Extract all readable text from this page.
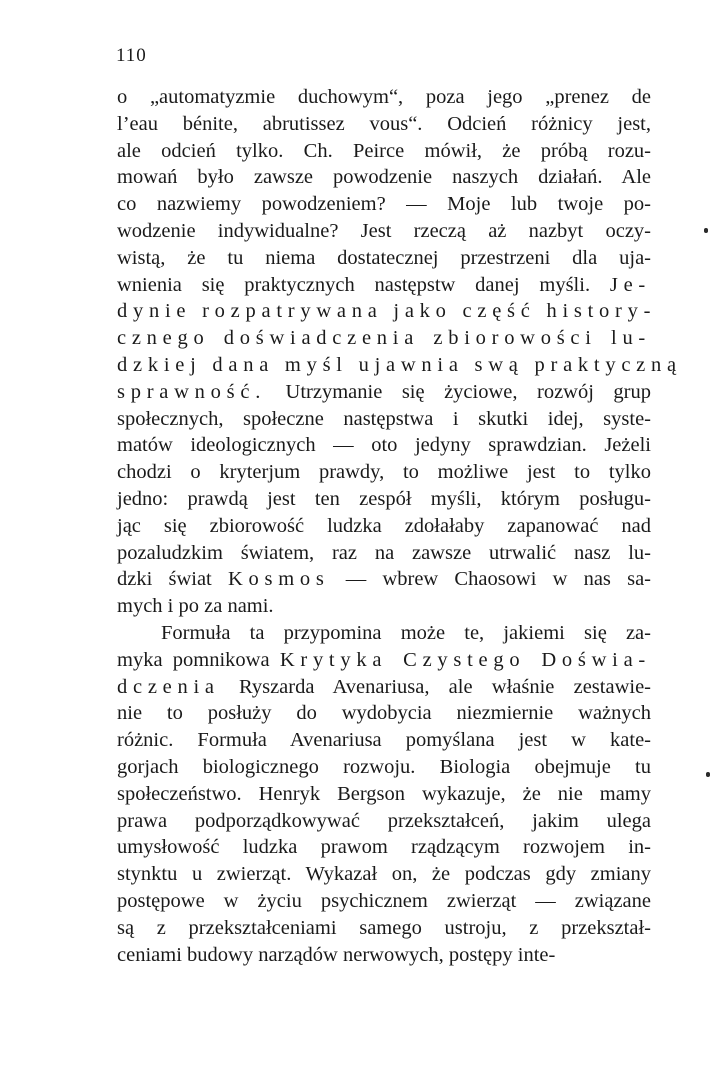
110
o „automatyzmie duchowym“, poza jego „prenez de
l’eau bénite, abrutissez vous“. Odcień różnicy jest,
ale odcień tylko. Ch. Peirce mówił, że próbą rozu-
mowań było zawsze powodzenie naszych działań. Ale
co nazwiemy powodzeniem? — Moje lub twoje po-
wodzenie indywidualne? Jest rzeczą aż nazbyt oczy-
wistą, że tu niema dostatecznej przestrzeni dla uja-
wnienia się praktycznych następstw danej myśli. Je-
dynie rozpatrywana jako część history-
cznego doświadczenia zbiorowości lu-
dzkiej dana myśl ujawnia swą praktyczną
sprawność. Utrzymanie się życiowe, rozwój grup
społecznych, społeczne następstwa i skutki idej, syste-
matów ideologicznych — oto jedyny sprawdzian. Jeżeli
chodzi o kryterjum prawdy, to możliwe jest to tylko
jedno: prawdą jest ten zespół myśli, którym posługu-
jąc się zbiorowość ludzka zdołałaby zapanować nad
pozaludzkim światem, raz na zawsze utrwalić nasz lu-
dzki świat Kosmos — wbrew Chaosowi w nas sa-
mych i po za nami.
Formuła ta przypomina może te, jakiemi się za-
myka pomnikowa Krytyka Czystego Doświa-
dczenia Ryszarda Avenariusa, ale właśnie zestawie-
nie to posłuży do wydobycia niezmiernie ważnych
różnic. Formuła Avenariusa pomyślana jest w kate-
gorjach biologicznego rozwoju. Biologia obejmuje tu
społeczeństwo. Henryk Bergson wykazuje, że nie mamy
prawa podporządkowywać przekształceń, jakim ulega
umysłowość ludzka prawom rządzącym rozwojem in-
stynktu u zwierząt. Wykazał on, że podczas gdy zmiany
postępowe w życiu psychicznem zwierząt — związane
są z przekształceniami samego ustroju, z przekształ-
ceniami budowy narządów nerwowych, postępy inte-
